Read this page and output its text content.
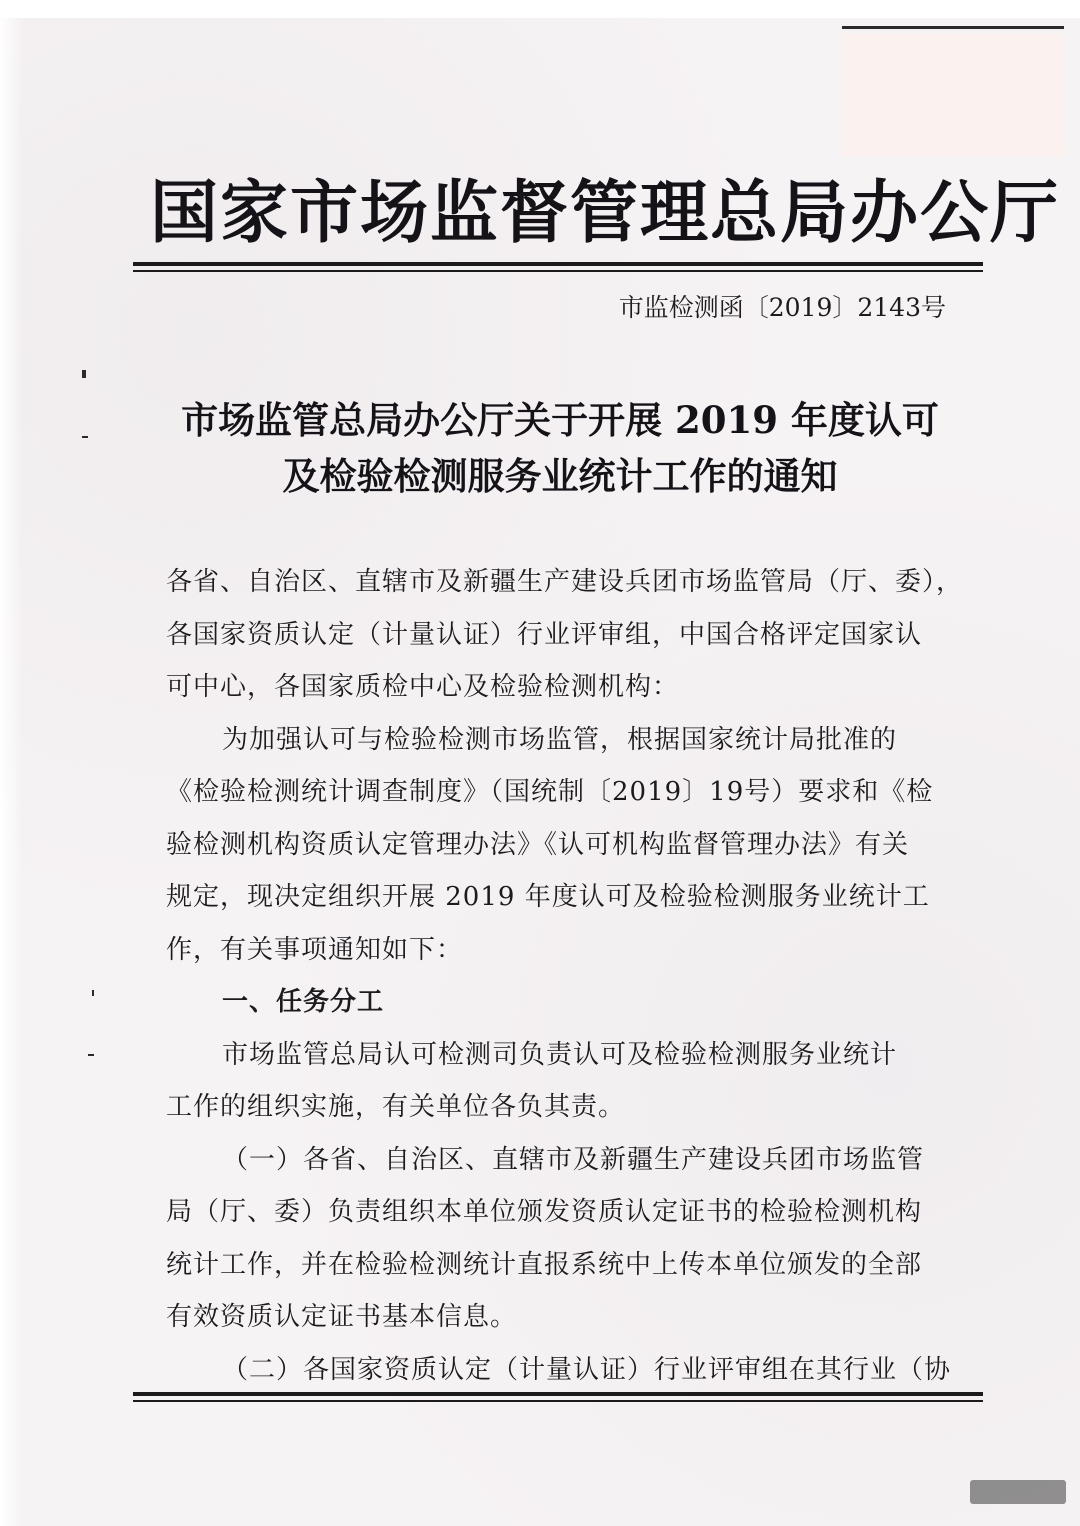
国家市场监督管理总局办公厅
市监检测函〔2019〕2143号
市场监管总局办公厅关于开展 2019 年度认可
及检验检测服务业统计工作的通知
各省、自治区、直辖市及新疆生产建设兵团市场监管局（厅、委），
各国家资质认定（计量认证）行业评审组，中国合格评定国家认
可中心，各国家质检中心及检验检测机构：
为加强认可与检验检测市场监管，根据国家统计局批准的
《检验检测统计调查制度》（国统制〔2019〕19号）要求和《检
验检测机构资质认定管理办法》《认可机构监督管理办法》有关
规定，现决定组织开展 2019 年度认可及检验检测服务业统计工
作，有关事项通知如下：
一、任务分工
市场监管总局认可检测司负责认可及检验检测服务业统计
工作的组织实施，有关单位各负其责。
（一）各省、自治区、直辖市及新疆生产建设兵团市场监管
局（厅、委）负责组织本单位颁发资质认定证书的检验检测机构
统计工作，并在检验检测统计直报系统中上传本单位颁发的全部
有效资质认定证书基本信息。
（二）各国家资质认定（计量认证）行业评审组在其行业（协
